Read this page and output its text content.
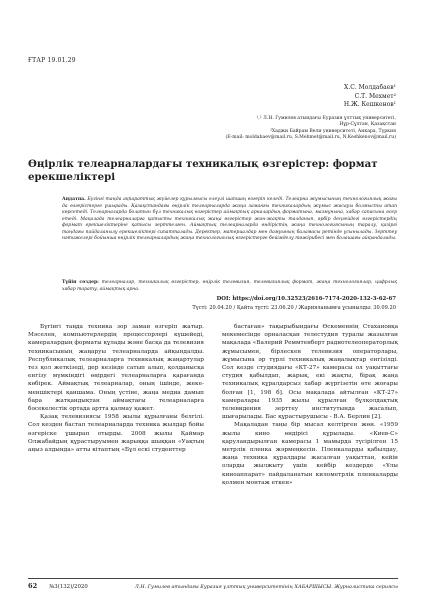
ҒТАР 19.01.29
Х.С. Молдабаев¹
С.Т. Мехмет²
Н.Ж. Кешкенов¹
¹,² Л.Н. Гумилев атындағы Еуразия ұлттық университеті,
Нұр-Сұлтан, Қазақстан
²Хаджи Байрам Вели университеті, Анкара, Түркия
(E-mail: moldabaev@mail.ru, S.Mehmet@mail.ru, N.Keshkenov@mail.ru)
Өңірлік телеарналардағы техникалық өзгерістер: формат ерекшеліктері
Аңдатпа. Бүгінгі таңда ақпараттық жүйелер құрылғысы елеулі шапшаң өзгеріп келеді. Телеарна жұмысының технологиялық жағы да өзгерістерге ұшырады. Қазақстандағы өңірлік телеарналарда жаңа заманғы техникалардың жұмыс жасауы болмысты атап көрсетеді. Телеарналарда болатын бұл техникалық өзгерістер аймақтық арналардың форматына, мазмұнына, хабар сапасына әсер етеді. Мақалада телеарналарға қатысты техникалық жаңа өзгерістер жан-жақты талданып, әрбір деңгейдегі өзгерістердің формат ерекшеліктеріне қатысы зерттелген. Аймақтық телеарналарда өндірістің жаңа технологиясының таралу, қазіргі таңдағы пайдаланылу ерекшеліктері сипатталады. Деректер, материалдар мен дамуының баламасы ретінде ұсынылады. Зерттеу нәтижелері бойынша өңірлік телеарналардың жаңа технологиялық өзгерістерге бейімделу тәжірибесі мен болашағы айқындалады.
Түйін сөздер: телеарналар, техникалық өзгерістер, өңірлік телевизия, телевизиялық формат, жаңа технологиялар, цифрлық хабар тарату, аймақтық арна.
DOI: https://doi.org/10.32523/2616-7174-2020-132-3-62-67
Түсті: 20.04.20 / Қайта түсті: 23.06.20 / Жарияланымға ұсынылды: 30.09.20

Бүгінгі таңда техника зор заман өзгеріп жатыр. Мәселен, компьютерлердің процессорлері күшейеді, камералардың форматы құлады және басқа да телевизия техникасының жаңаруы телеарналарда айқындалды. Республикалық телеарналарға техникалық жаңартулар тез қол жеткізеді, дер кезінде сатып алып, қолданысқа енгізу мүмкіндігі өңірдегі телеарналарға қарағанда көбірек. Аймақтық телеарналар, оның ішінде, жеке-меншіктері қаншама. Оның үстіне, жаңа медиа дамып бара жатқандықтан аймақтағы телеарналарға бәсекелестік ортада артта қалмау қажет.

Қазақ телевизиясы 1958 жылы құрылғаны белгілі. Сол кезден бастап телеарналарда техника жылдар бойы өзгеріске ұшырап отырды. 2008 жылы Қаймар Олжабайдың құрастыруымен жарыққа шыққан «Уақтың аңыз алдында» атты кітаптың «Бұл ескі студенттер

бастаған» тақырыбындағы Өскеменнің Стахановқа мекемесінде орналасқан телестудия туралы жазылған мақалада «Валерий Реммтенберт радиотелеоператорлық жұмысымен, бірлескен телевизия операторлары, жұмысына әр түрлі техникалық жаңалықтар енгізілді. Сол кезде студиядағы «КТ-27» камерасы ол уақыттағы студия қабылдап, жарық, екі жақты, бірақ жаңа техникалық құралдарсыз хабар жүргізетін өте жоғары болған [1, 198 б]. Осы мақалада айтылған «КТ-27» камералары 1935 жылы құрылған бұлқолдақтық телевидения зерттеу институтында жасалып, шығарылады. Бас құрастырушысы - В.А. Берлин [2].

Мақаладан таңы бір мысал келтірген жөн. «1959 жылы кино өндірісі құрылады. «Киев-С» қаруландырылған камерасы 1 мамырда түсірілген 15 метрлік пленка жәрмеңкесін. Пленкаларды қабылдау, жаңа техника құралдары жасалған уақыттан, кейін оларды жылжыту үшін кейбір кездерде «Ұлы киноаппарат» пайдаланатын километрлік пленкаларды қолмен монтаж еткен»

62 №3(132)/2020	Л.Н. Гумилев атындағы Еуразия ұлттық университетінің ХАБАРШЫСЫ. Журналистика сериясы
